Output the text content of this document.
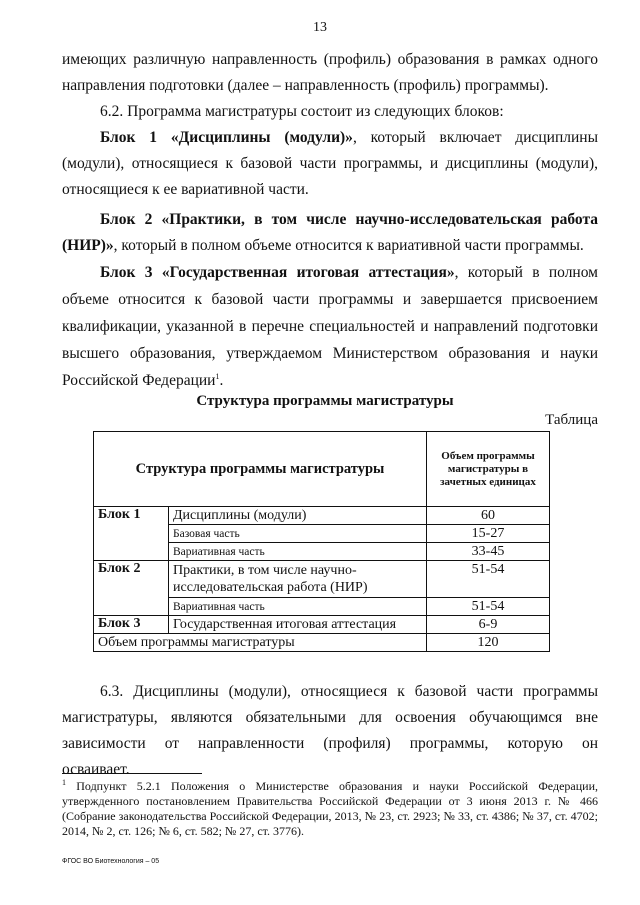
13

имеющих различную направленность (профиль) образования в рамках одного направления подготовки (далее – направленность (профиль) программы).

6.2. Программа магистратуры состоит из следующих блоков:

Блок 1 «Дисциплины (модули)», который включает дисциплины (модули), относящиеся к базовой части программы, и дисциплины (модули), относящиеся к ее вариативной части.

Блок 2 «Практики, в том числе научно-исследовательская работа (НИР)», который в полном объеме относится к вариативной части программы.

Блок 3 «Государственная итоговая аттестация», который в полном объеме относится к базовой части программы и завершается присвоением квалификации, указанной в перечне специальностей и направлений подготовки высшего образования, утверждаемом Министерством образования и науки Российской Федерации$^1$.

Структура программы магистратуры
Таблица
Структура программы магистратуры		Объем программы магистратуры в зачетных единицах
Блок 1	Дисциплины (модули)	60
	Базовая часть	15-27
	Вариативная часть	33-45
Блок 2	Практики, в том числе научно-исследовательская работа (НИР)	51-54
	Вариативная часть	51-54
Блок 3	Государственная итоговая аттестация	6-9
Объем программы магистратуры		120

6.3. Дисциплины (модули), относящиеся к базовой части программы магистратуры, являются обязательными для освоения обучающимся вне зависимости от направленности (профиля) программы, которую он осваивает.

$^1$ Подпункт 5.2.1 Положения о Министерстве образования и науки Российской Федерации, утвержденного постановлением Правительства Российской Федерации от 3 июня 2013 г. № 466 (Собрание законодательства Российской Федерации, 2013, № 23, ст. 2923; № 33, ст. 4386; № 37, ст. 4702; 2014, № 2, ст. 126; № 6, ст. 582; № 27, ст. 3776).
ФГОС ВО Биотехнология – 05
